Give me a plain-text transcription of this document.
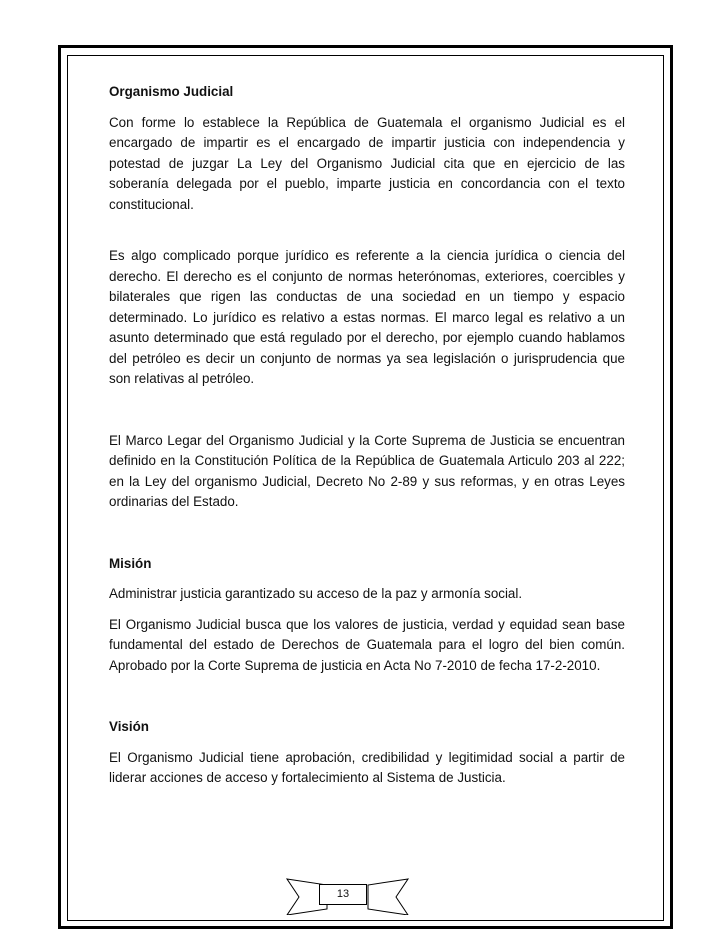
Organismo Judicial

Con forme lo establece la República de Guatemala el organismo Judicial es el encargado de impartir es el encargado de impartir justicia con independencia y potestad de juzgar La Ley del Organismo Judicial cita que en ejercicio de las soberanía delegada por el pueblo, imparte justicia en concordancia con el texto constitucional.

Es algo complicado porque jurídico es referente a la ciencia jurídica o ciencia del derecho. El derecho es el conjunto de normas heterónomas, exteriores, coercibles y bilaterales que rigen las conductas de una sociedad en un tiempo y espacio determinado. Lo jurídico es relativo a estas normas. El marco legal es relativo a un asunto determinado que está regulado por el derecho, por ejemplo cuando hablamos del petróleo es decir un conjunto de normas ya sea legislación o jurisprudencia que son relativas al petróleo.

El Marco Legar del Organismo Judicial y la Corte Suprema de Justicia se encuentran definido en la Constitución Política de la República de Guatemala Articulo 203 al 222; en la Ley del organismo Judicial, Decreto No 2-89 y sus reformas, y en otras Leyes ordinarias del Estado.

Misión

Administrar justicia garantizado su acceso de la paz y armonía social.

El Organismo Judicial busca que los valores de justicia, verdad y equidad sean base fundamental del estado de Derechos de Guatemala para el logro del bien común. Aprobado por la Corte Suprema de justicia en Acta No 7-2010 de fecha 17-2-2010.

Visión

El Organismo Judicial tiene aprobación, credibilidad y legitimidad social a partir de liderar acciones de acceso y fortalecimiento al Sistema de Justicia.

13
